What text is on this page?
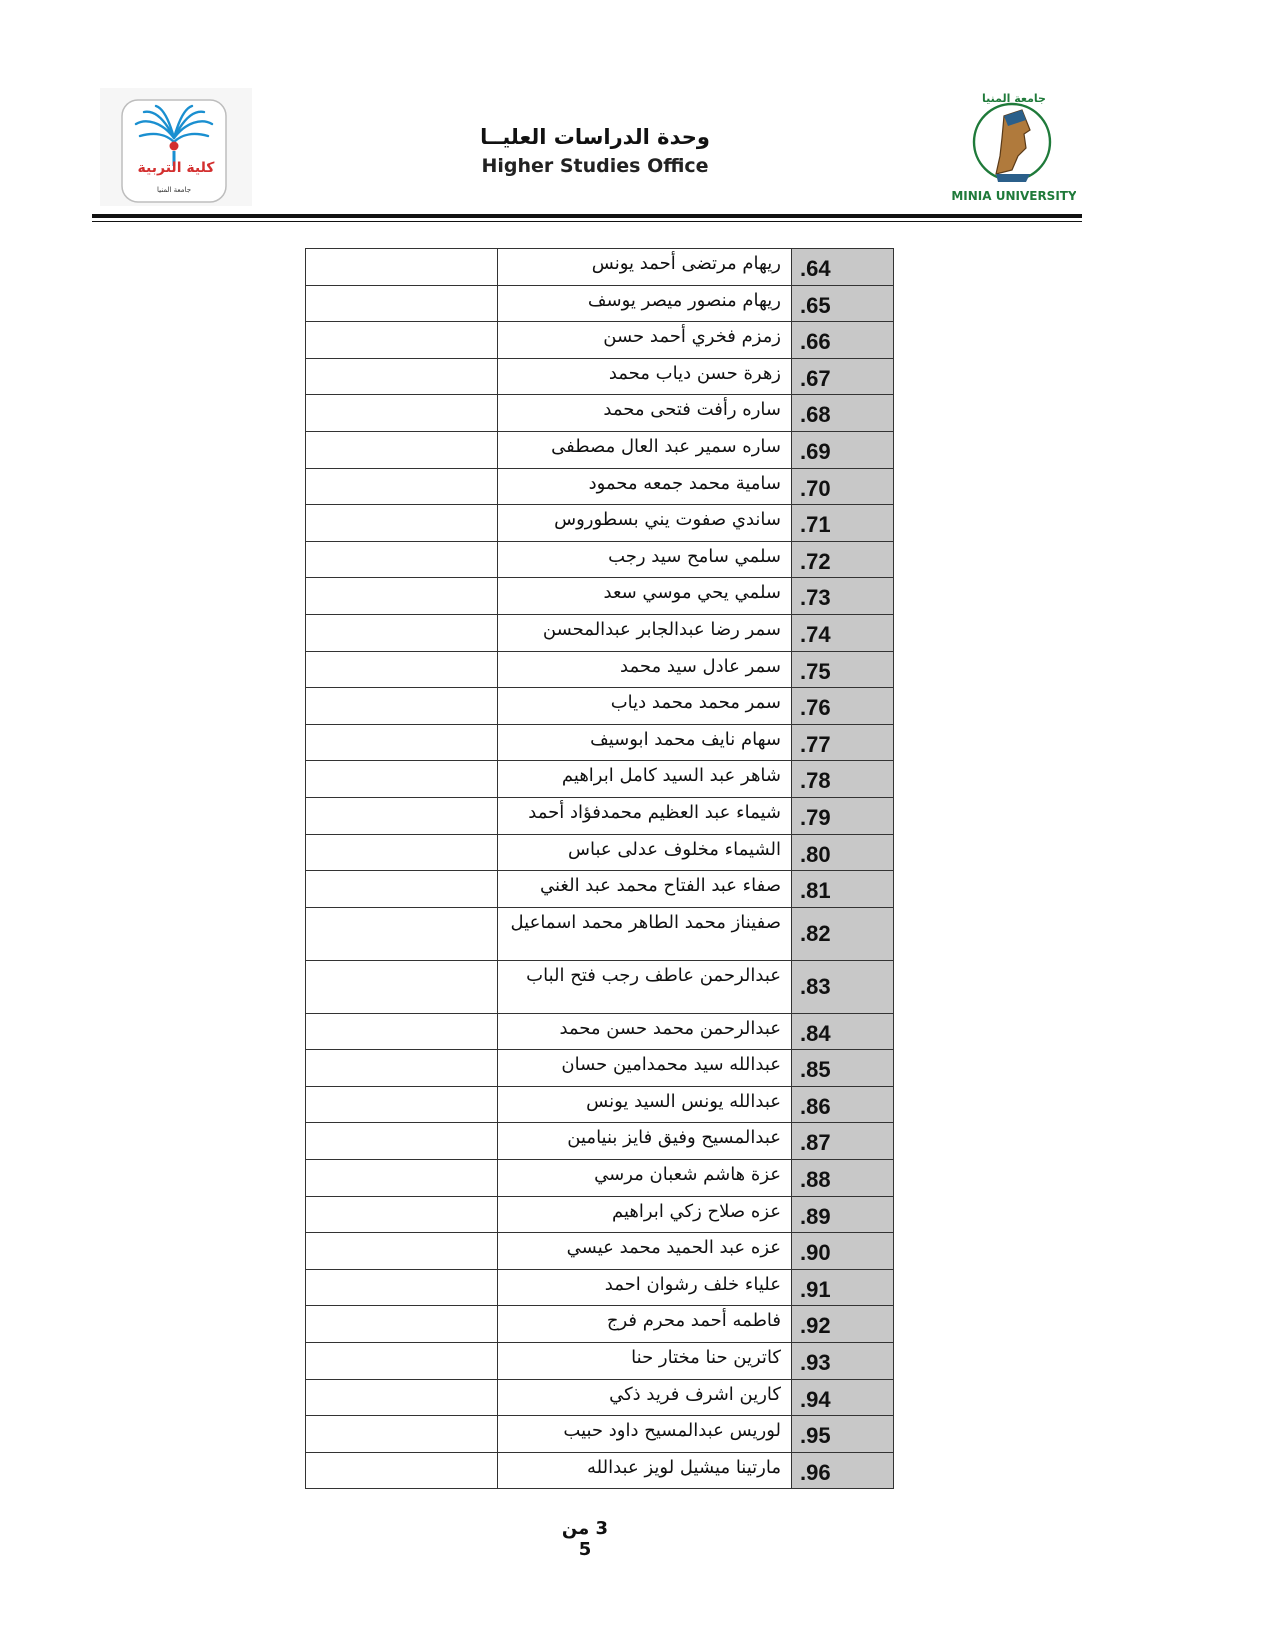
كلية التربية
جامعة المنيا
وحدة الدراسات العليــا
Higher Studies Office
جامعة المنيا
MINIA UNIVERSITY
	ريهام مرتضى أحمد يونس	.64
	ريهام منصور ميصر يوسف	.65
	زمزم فخري أحمد حسن	.66
	زهرة حسن دياب محمد	.67
	ساره رأفت فتحى محمد	.68
	ساره سمير عبد العال مصطفى	.69
	سامية محمد جمعه محمود	.70
	ساندي صفوت يني بسطوروس	.71
	سلمي سامح سيد رجب	.72
	سلمي يحي موسي سعد	.73
	سمر رضا عبدالجابر عبدالمحسن	.74
	سمر عادل سيد محمد	.75
	سمر محمد محمد دياب	.76
	سهام نايف محمد ابوسيف	.77
	شاهر عبد السيد كامل ابراهيم	.78
	شيماء عبد العظيم محمدفؤاد أحمد	.79
	الشيماء مخلوف عدلى عباس	.80
	صفاء عبد الفتاح محمد عبد الغني	.81
	صفيناز محمد الطاهر محمد اسماعيل	.82
	عبدالرحمن عاطف رجب فتح الباب	.83
	عبدالرحمن محمد حسن محمد	.84
	عبدالله سيد محمدامين حسان	.85
	عبدالله يونس السيد يونس	.86
	عبدالمسيح وفيق فايز بنيامين	.87
	عزة هاشم شعبان مرسي	.88
	عزه صلاح زكي ابراهيم	.89
	عزه عبد الحميد محمد عيسي	.90
	علياء خلف رشوان احمد	.91
	فاطمه أحمد محرم فرج	.92
	كاترين حنا مختار حنا	.93
	كارين اشرف فريد ذكي	.94
	لوريس عبدالمسيح داود حبيب	.95
	مارتينا ميشيل لويز عبدالله	.96
3 من 5
